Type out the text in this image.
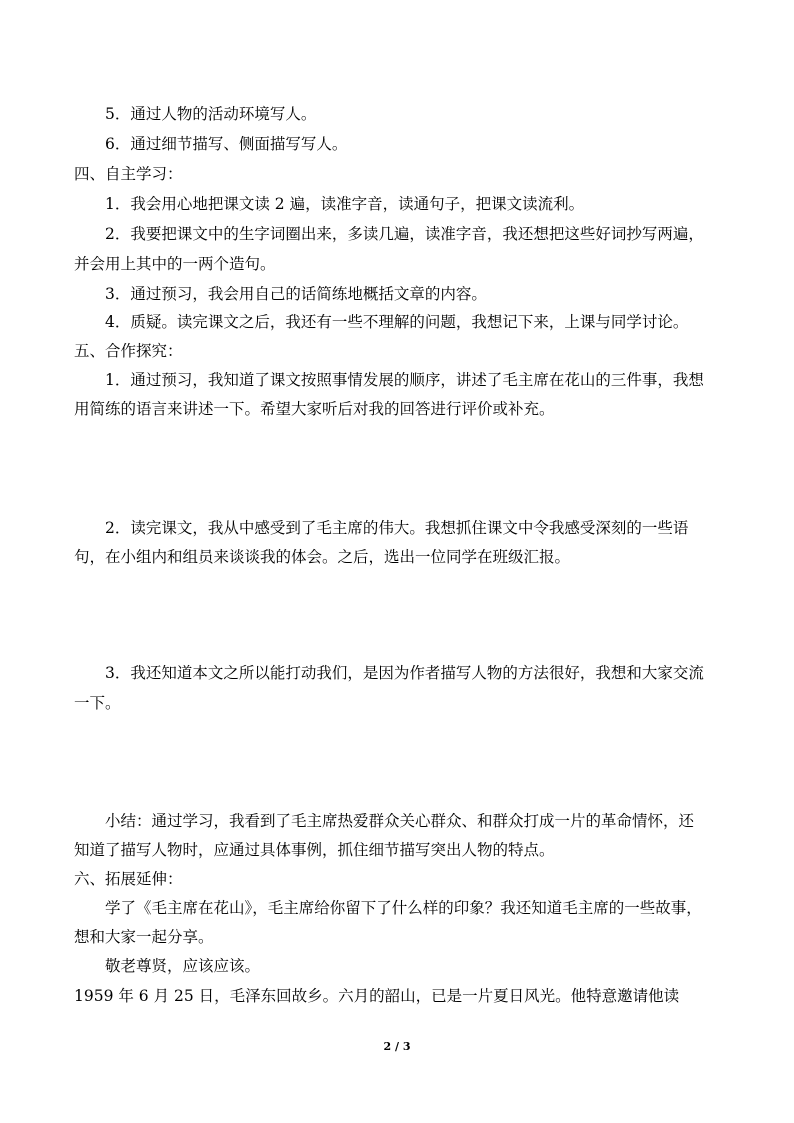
5．通过人物的活动环境写人。

6．通过细节描写、侧面描写写人。

四、自主学习：

1．我会用心地把课文读 2 遍，读准字音，读通句子，把课文读流利。

2．我要把课文中的生字词圈出来，多读几遍，读准字音，我还想把这些好词抄写两遍，

并会用上其中的一两个造句。

3．通过预习，我会用自己的话简练地概括文章的内容。

4．质疑。读完课文之后，我还有一些不理解的问题，我想记下来，上课与同学讨论。

五、合作探究：

1．通过预习，我知道了课文按照事情发展的顺序，讲述了毛主席在花山的三件事，我想

用简练的语言来讲述一下。希望大家听后对我的回答进行评价或补充。

2．读完课文，我从中感受到了毛主席的伟大。我想抓住课文中令我感受深刻的一些语

句，在小组内和组员来谈谈我的体会。之后，选出一位同学在班级汇报。

3．我还知道本文之所以能打动我们，是因为作者描写人物的方法很好，我想和大家交流

一下。

小结：通过学习，我看到了毛主席热爱群众关心群众、和群众打成一片的革命情怀，还

知道了描写人物时，应通过具体事例，抓住细节描写突出人物的特点。

六、拓展延伸：

学了《毛主席在花山》，毛主席给你留下了什么样的印象？我还知道毛主席的一些故事，

想和大家一起分享。

敬老尊贤，应该应该。

1959 年 6 月 25 日，毛泽东回故乡。六月的韶山，已是一片夏日风光。他特意邀请他读

2 / 3
